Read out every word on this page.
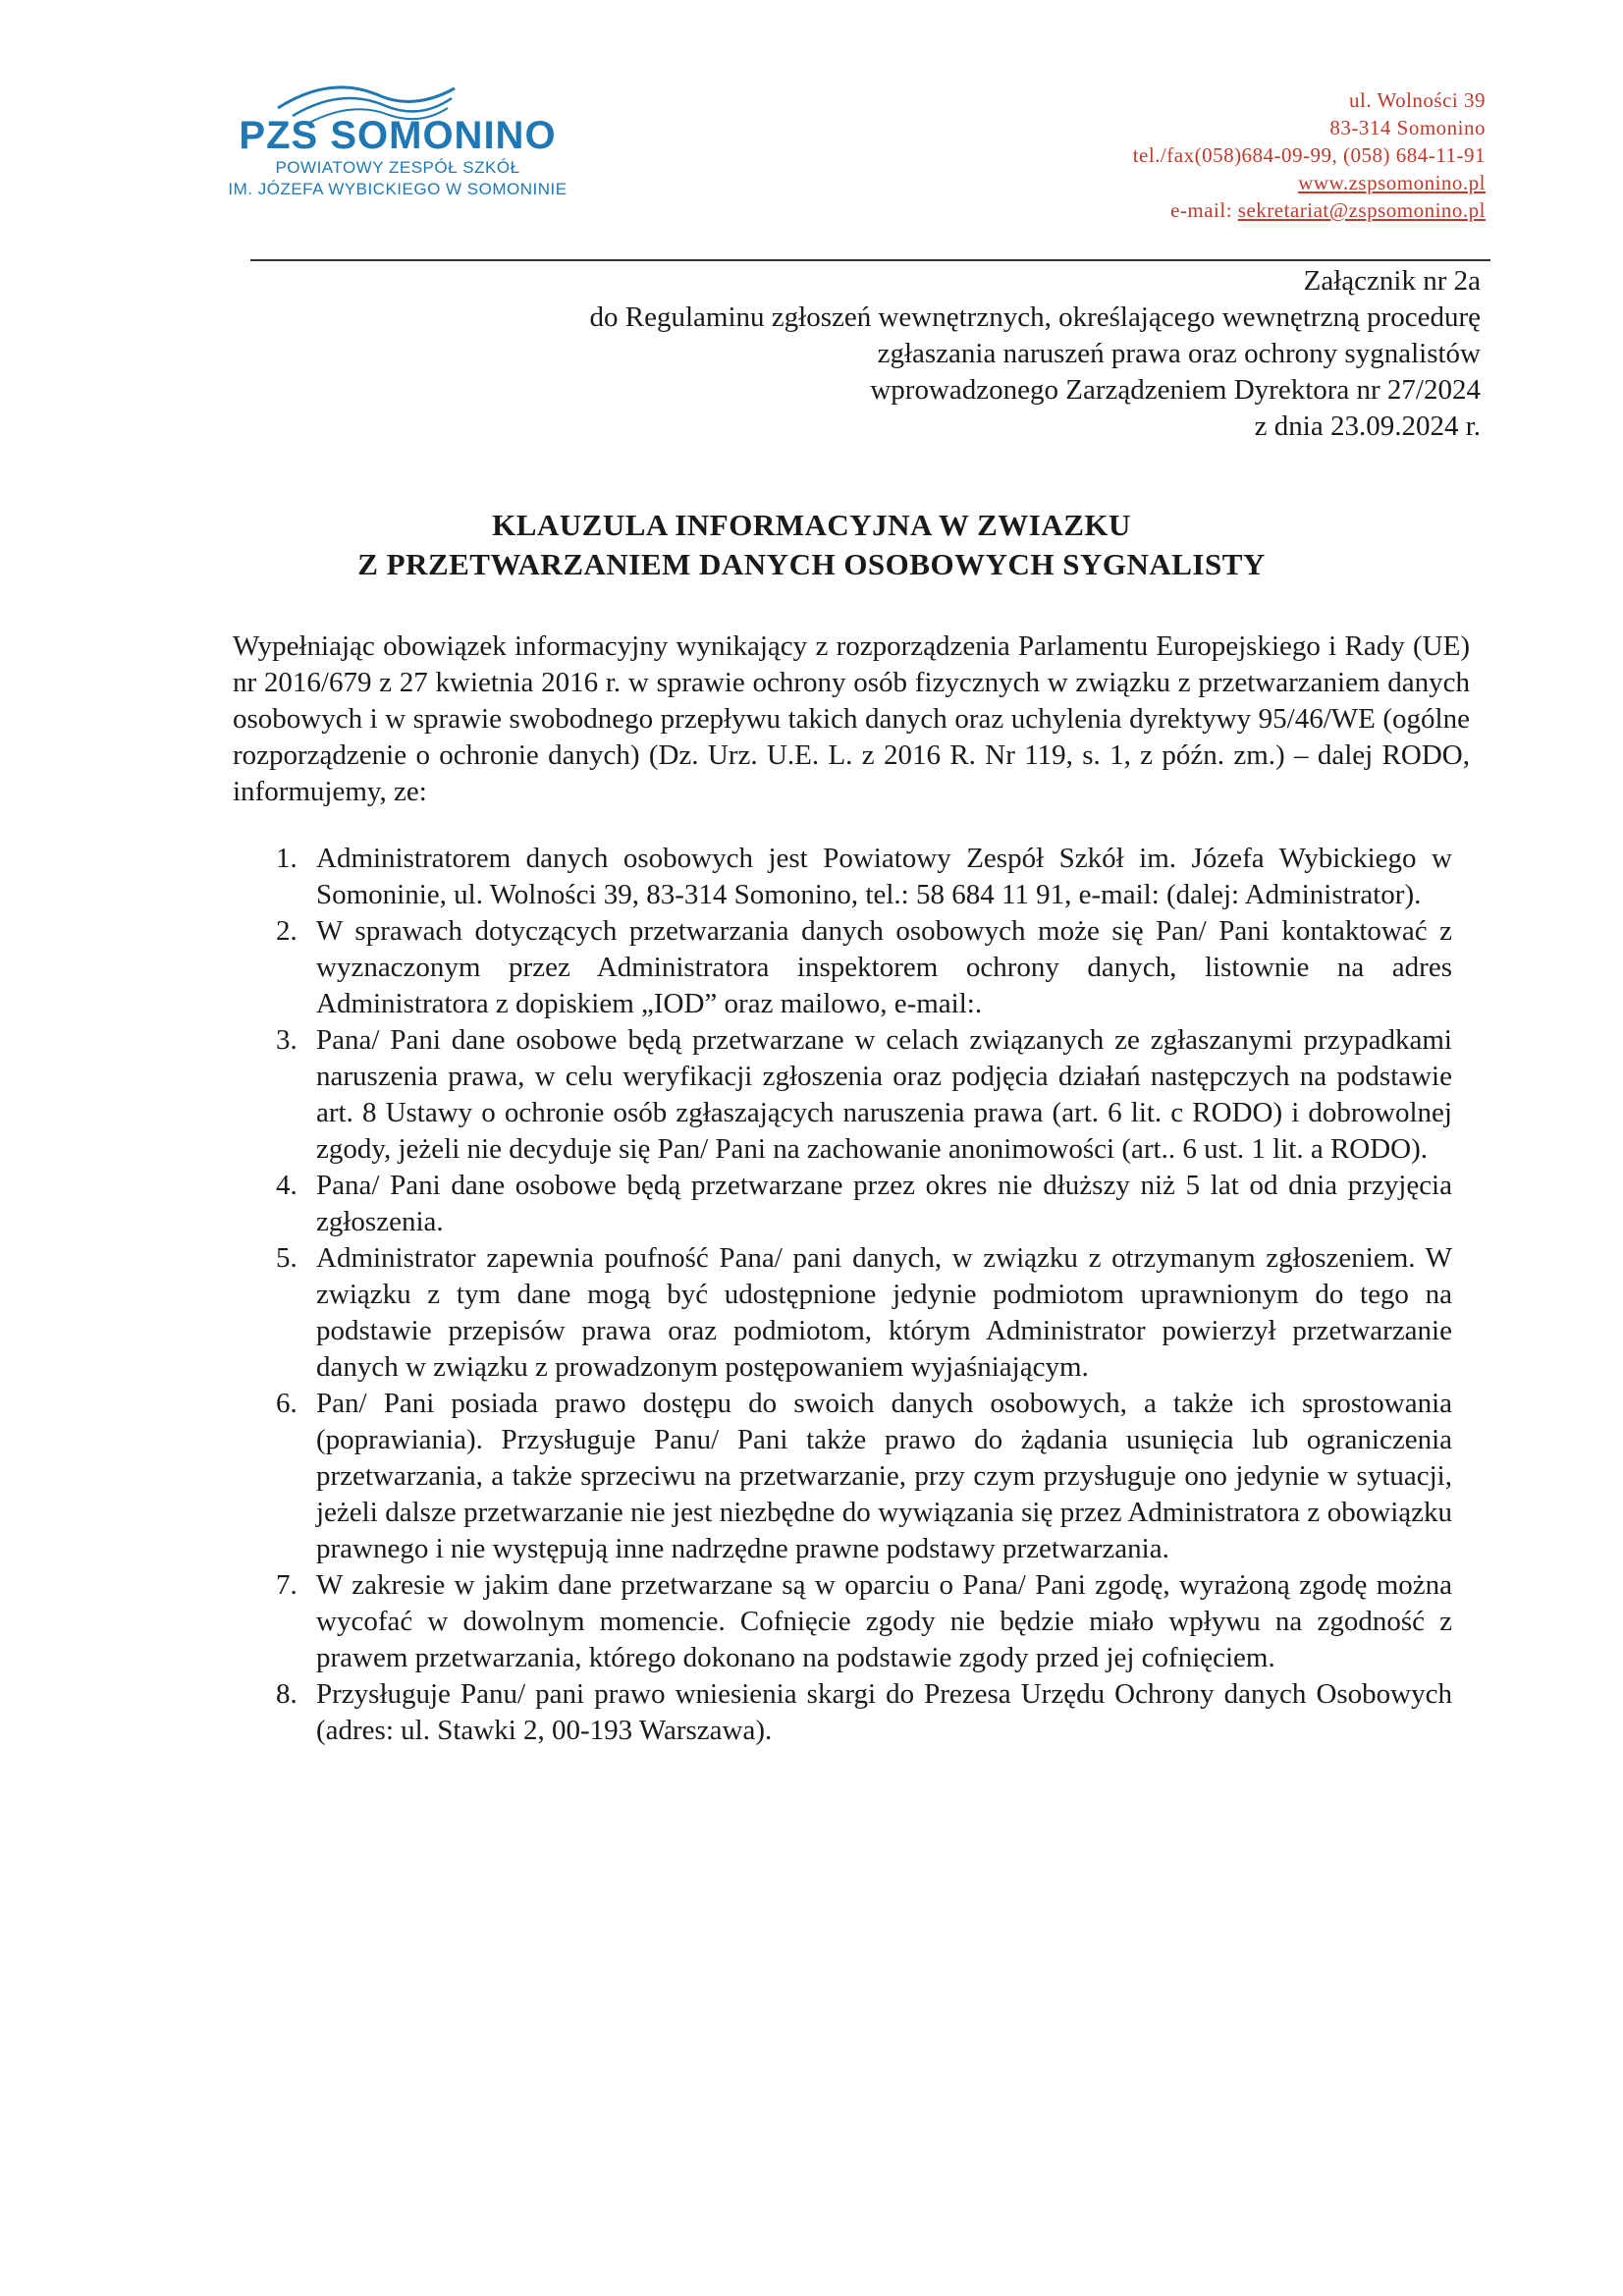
PZS SOMONINO
POWIATOWY ZESPÓŁ SZKÓŁ
IM. JÓZEFA WYBICKIEGO W SOMONINIE
ul. Wolności 39
83-314 Somonino
tel./fax(058)684-09-99, (058) 684-11-91
www.zspsomonino.pl
e-mail: sekretariat@zspsomonino.pl
Załącznik nr 2a
do Regulaminu zgłoszeń wewnętrznych, określającego wewnętrzną procedurę
zgłaszania naruszeń prawa oraz ochrony sygnalistów
wprowadzonego Zarządzeniem Dyrektora nr 27/2024
z dnia 23.09.2024 r.
KLAUZULA INFORMACYJNA W ZWIAZKU
Z PRZETWARZANIEM DANYCH OSOBOWYCH SYGNALISTY
Wypełniając obowiązek informacyjny wynikający z rozporządzenia Parlamentu Europejskiego i Rady (UE) nr 2016/679 z 27 kwietnia 2016 r. w sprawie ochrony osób fizycznych w związku z przetwarzaniem danych osobowych i w sprawie swobodnego przepływu takich danych oraz uchylenia dyrektywy 95/46/WE (ogólne rozporządzenie o ochronie danych) (Dz. Urz. U.E. L. z 2016 R. Nr 119, s. 1, z późn. zm.) – dalej RODO, informujemy, ze:
1. Administratorem danych osobowych jest Powiatowy Zespół Szkół im. Józefa Wybickiego w Somoninie, ul. Wolności 39, 83-314 Somonino, tel.: 58 684 11 91, e-mail: (dalej: Administrator).
2. W sprawach dotyczących przetwarzania danych osobowych może się Pan/ Pani kontaktować z wyznaczonym przez Administratora inspektorem ochrony danych, listownie na adres Administratora z dopiskiem „IOD” oraz mailowo, e-mail:.
3. Pana/ Pani dane osobowe będą przetwarzane w celach związanych ze zgłaszanymi przypadkami naruszenia prawa, w celu weryfikacji zgłoszenia oraz podjęcia działań następczych na podstawie art. 8 Ustawy o ochronie osób zgłaszających naruszenia prawa (art. 6 lit. c RODO) i dobrowolnej zgody, jeżeli nie decyduje się Pan/ Pani na zachowanie anonimowości (art.. 6 ust. 1 lit. a RODO).
4. Pana/ Pani dane osobowe będą przetwarzane przez okres nie dłuższy niż 5 lat od dnia przyjęcia zgłoszenia.
5. Administrator zapewnia poufność Pana/ pani danych, w związku z otrzymanym zgłoszeniem. W związku z tym dane mogą być udostępnione jedynie podmiotom uprawnionym do tego na podstawie przepisów prawa oraz podmiotom, którym Administrator powierzył przetwarzanie danych w związku z prowadzonym postępowaniem wyjaśniającym.
6. Pan/ Pani posiada prawo dostępu do swoich danych osobowych, a także ich sprostowania (poprawiania). Przysługuje Panu/ Pani także prawo do żądania usunięcia lub ograniczenia przetwarzania, a także sprzeciwu na przetwarzanie, przy czym przysługuje ono jedynie w sytuacji, jeżeli dalsze przetwarzanie nie jest niezbędne do wywiązania się przez Administratora z obowiązku prawnego i nie występują inne nadrzędne prawne podstawy przetwarzania.
7. W zakresie w jakim dane przetwarzane są w oparciu o Pana/ Pani zgodę, wyrażoną zgodę można wycofać w dowolnym momencie. Cofnięcie zgody nie będzie miało wpływu na zgodność z prawem przetwarzania, którego dokonano na podstawie zgody przed jej cofnięciem.
8. Przysługuje Panu/ pani prawo wniesienia skargi do Prezesa Urzędu Ochrony danych Osobowych (adres: ul. Stawki 2, 00-193 Warszawa).
